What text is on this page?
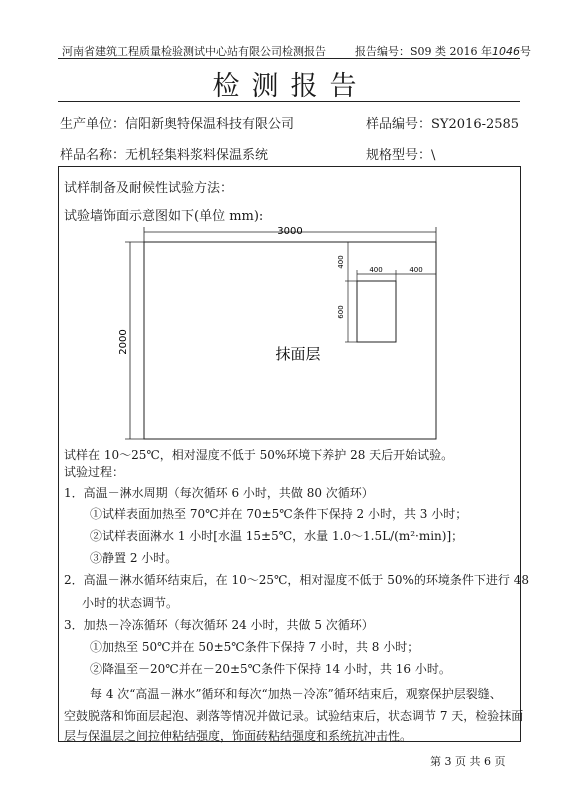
河南省建筑工程质量检验测试中心站有限公司检测报告	报告编号：S09 类 2016 年1046号
检测报告
生产单位：信阳新奥特保温科技有限公司	样品编号：SY2016-2585
样品名称：无机轻集料浆料保温系统	规格型号：\
试样制备及耐候性试验方法：
试验墙饰面示意图如下(单位 mm):
3000
2000
400
600
400	400
抹面层
试样在 10～25℃，相对湿度不低于 50%环境下养护 28 天后开始试验。
试验过程：
1．高温－淋水周期（每次循环 6 小时，共做 80 次循环）
①试样表面加热至 70℃并在 70±5℃条件下保持 2 小时，共 3 小时；
②试样表面淋水 1 小时[水温 15±5℃，水量 1.0～1.5L/(m²·min)]；
③静置 2 小时。
2．高温－淋水循环结束后，在 10～25℃，相对湿度不低于 50%的环境条件下进行 48
小时的状态调节。
3．加热－冷冻循环（每次循环 24 小时，共做 5 次循环）
①加热至 50℃并在 50±5℃条件下保持 7 小时，共 8 小时；
②降温至－20℃并在－20±5℃条件下保持 14 小时，共 16 小时。
每 4 次“高温－淋水”循环和每次“加热－冷冻”循环结束后，观察保护层裂缝、
空鼓脱落和饰面层起泡、剥落等情况并做记录。试验结束后，状态调节 7 天，检验抹面
层与保温层之间拉伸粘结强度，饰面砖粘结强度和系统抗冲击性。
第 3 页 共 6 页
